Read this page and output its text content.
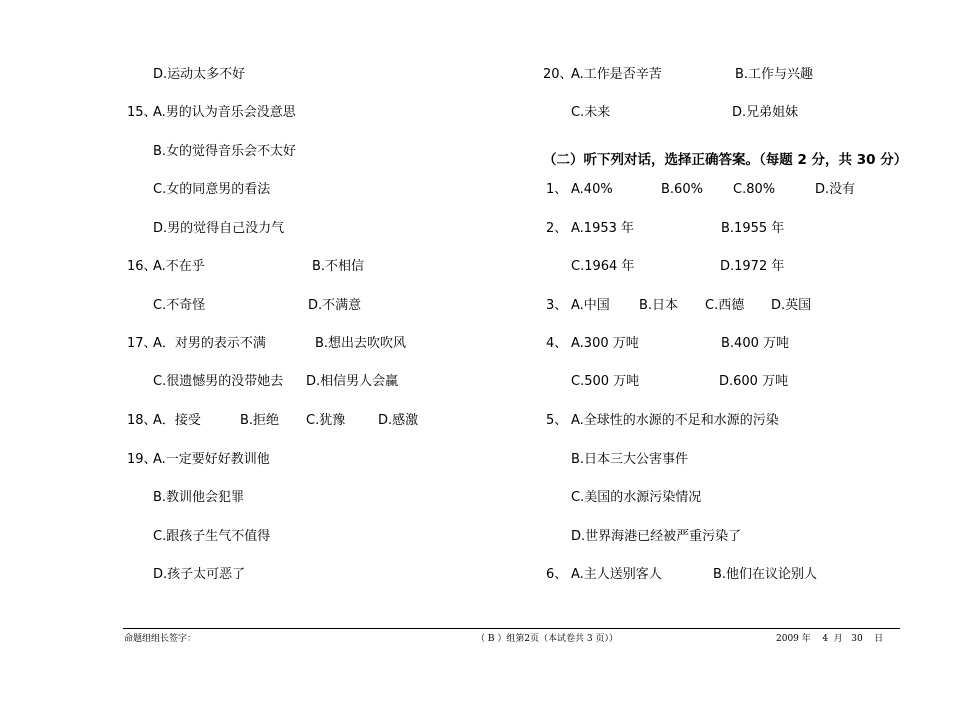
D.运动太多不好
15、
A.男的认为音乐会没意思
B.女的觉得音乐会不太好
C.女的同意男的看法
D.男的觉得自己没力气
16、
A.不在乎	B.不相信
C.不奇怪	D.不满意
17、
A．对男的表示不满	B.想出去吹吹风
C.很遗憾男的没带她去 D.相信男人会赢
18、
A．接受	B.拒绝 C.犹豫	D.感激
19、
A.一定要好好教训他
B.教训他会犯罪
C.跟孩子生气不值得
D.孩子太可恶了
20、
A.工作是否辛苦	B.工作与兴趣
C.未来	D.兄弟姐妹
（二）听下列对话，选择正确答案。（每题 2 分，共 30 分）
1、 A.40%	B.60% C.80%	D.没有
2、 A.1953 年	B.1955 年
C.1964 年	D.1972 年
3、 A.中国 B.日本 C.西德 D.英国
4、 A.300 万吨	B.400 万吨
C.500 万吨	D.600 万吨
5、 A.全球性的水源的不足和水源的污染
B.日本三大公害事件
C.美国的水源污染情况
D.世界海港已经被严重污染了
6、 A.主人送别客人	B.他们在议论别人
命题组组长签字：	（ B ）组第2页（本试卷共 3 页））	2009 年    4  月   30    日
